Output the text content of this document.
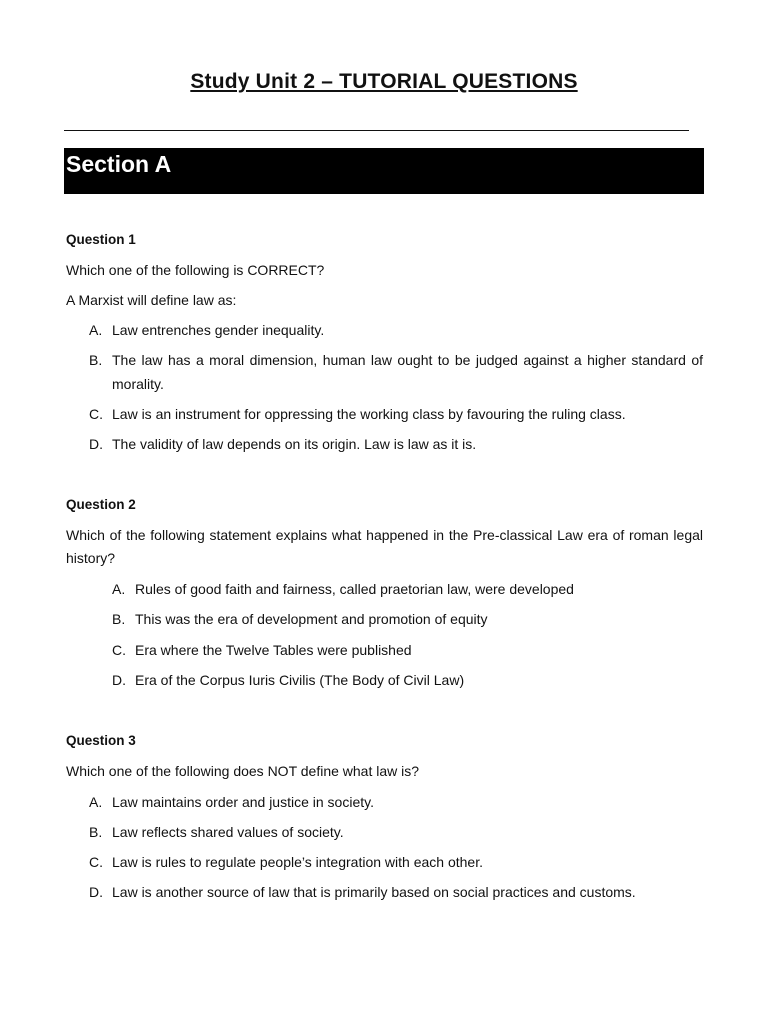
Study Unit 2 – TUTORIAL QUESTIONS
Section A
Question 1
Which one of the following is CORRECT?
A Marxist will define law as:
A. Law entrenches gender inequality.
B. The law has a moral dimension, human law ought to be judged against a higher standard of morality.
C. Law is an instrument for oppressing the working class by favouring the ruling class.
D. The validity of law depends on its origin. Law is law as it is.
Question 2
Which of the following statement explains what happened in the Pre-classical Law era of roman legal history?
A. Rules of good faith and fairness, called praetorian law, were developed
B. This was the era of development and promotion of equity
C. Era where the Twelve Tables were published
D. Era of the Corpus Iuris Civilis (The Body of Civil Law)
Question 3
Which one of the following does NOT define what law is?
A. Law maintains order and justice in society.
B. Law reflects shared values of society.
C. Law is rules to regulate people’s integration with each other.
D. Law is another source of law that is primarily based on social practices and customs.
